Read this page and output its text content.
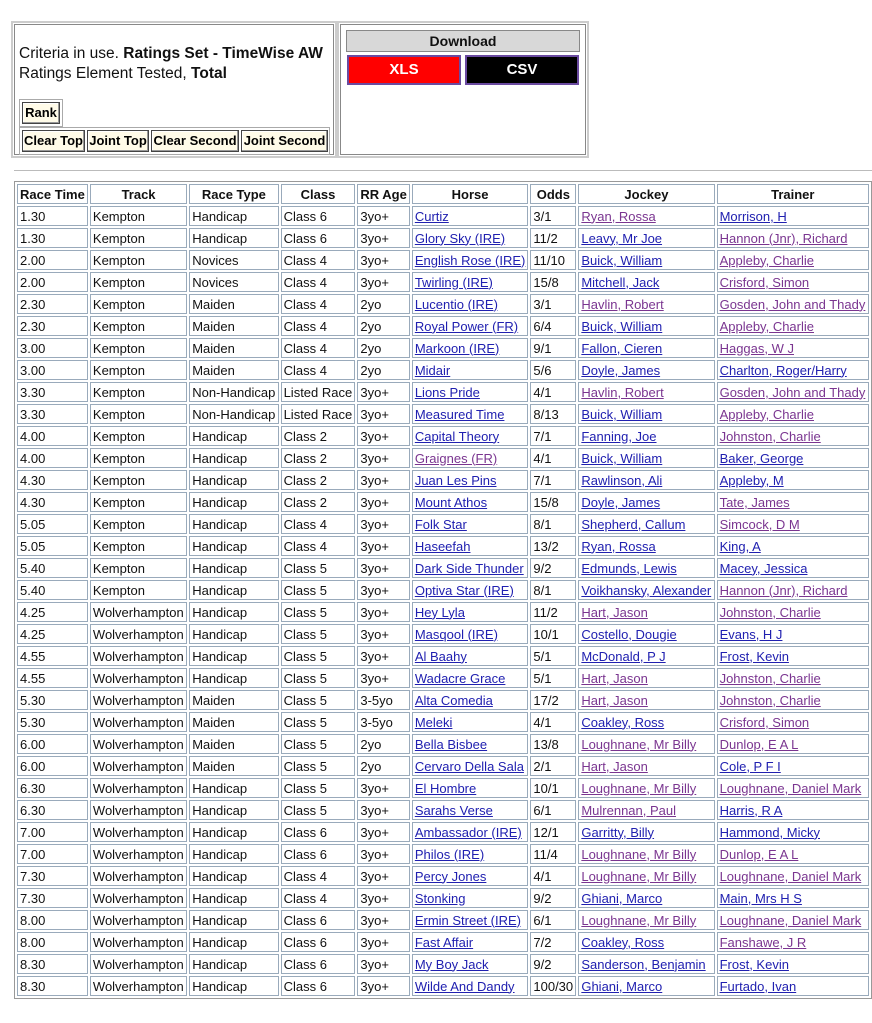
Criteria in use. Ratings Set - TimeWise AW
Ratings Element Tested, Total
Rank
Clear Top Joint Top Clear Second Joint Second
Download
XLS	CSV
Race Time	Track	Race Type	Class	RR Age	Horse	Odds	Jockey	Trainer
1.30	Kempton	Handicap	Class 6	3yo+	Curtiz	3/1	Ryan, Rossa	Morrison, H
1.30	Kempton	Handicap	Class 6	3yo+	Glory Sky (IRE)	11/2	Leavy, Mr Joe	Hannon (Jnr), Richard
2.00	Kempton	Novices	Class 4	3yo+	English Rose (IRE)	11/10	Buick, William	Appleby, Charlie
2.00	Kempton	Novices	Class 4	3yo+	Twirling (IRE)	15/8	Mitchell, Jack	Crisford, Simon
2.30	Kempton	Maiden	Class 4	2yo	Lucentio (IRE)	3/1	Havlin, Robert	Gosden, John and Thady
2.30	Kempton	Maiden	Class 4	2yo	Royal Power (FR)	6/4	Buick, William	Appleby, Charlie
3.00	Kempton	Maiden	Class 4	2yo	Markoon (IRE)	9/1	Fallon, Cieren	Haggas, W J
3.00	Kempton	Maiden	Class 4	2yo	Midair	5/6	Doyle, James	Charlton, Roger/Harry
3.30	Kempton	Non-Handicap	Listed Race	3yo+	Lions Pride	4/1	Havlin, Robert	Gosden, John and Thady
3.30	Kempton	Non-Handicap	Listed Race	3yo+	Measured Time	8/13	Buick, William	Appleby, Charlie
4.00	Kempton	Handicap	Class 2	3yo+	Capital Theory	7/1	Fanning, Joe	Johnston, Charlie
4.00	Kempton	Handicap	Class 2	3yo+	Graignes (FR)	4/1	Buick, William	Baker, George
4.30	Kempton	Handicap	Class 2	3yo+	Juan Les Pins	7/1	Rawlinson, Ali	Appleby, M
4.30	Kempton	Handicap	Class 2	3yo+	Mount Athos	15/8	Doyle, James	Tate, James
5.05	Kempton	Handicap	Class 4	3yo+	Folk Star	8/1	Shepherd, Callum	Simcock, D M
5.05	Kempton	Handicap	Class 4	3yo+	Haseefah	13/2	Ryan, Rossa	King, A
5.40	Kempton	Handicap	Class 5	3yo+	Dark Side Thunder	9/2	Edmunds, Lewis	Macey, Jessica
5.40	Kempton	Handicap	Class 5	3yo+	Optiva Star (IRE)	8/1	Voikhansky, Alexander	Hannon (Jnr), Richard
4.25	Wolverhampton	Handicap	Class 5	3yo+	Hey Lyla	11/2	Hart, Jason	Johnston, Charlie
4.25	Wolverhampton	Handicap	Class 5	3yo+	Masqool (IRE)	10/1	Costello, Dougie	Evans, H J
4.55	Wolverhampton	Handicap	Class 5	3yo+	Al Baahy	5/1	McDonald, P J	Frost, Kevin
4.55	Wolverhampton	Handicap	Class 5	3yo+	Wadacre Grace	5/1	Hart, Jason	Johnston, Charlie
5.30	Wolverhampton	Maiden	Class 5	3-5yo	Alta Comedia	17/2	Hart, Jason	Johnston, Charlie
5.30	Wolverhampton	Maiden	Class 5	3-5yo	Meleki	4/1	Coakley, Ross	Crisford, Simon
6.00	Wolverhampton	Maiden	Class 5	2yo	Bella Bisbee	13/8	Loughnane, Mr Billy	Dunlop, E A L
6.00	Wolverhampton	Maiden	Class 5	2yo	Cervaro Della Sala	2/1	Hart, Jason	Cole, P F I
6.30	Wolverhampton	Handicap	Class 5	3yo+	El Hombre	10/1	Loughnane, Mr Billy	Loughnane, Daniel Mark
6.30	Wolverhampton	Handicap	Class 5	3yo+	Sarahs Verse	6/1	Mulrennan, Paul	Harris, R A
7.00	Wolverhampton	Handicap	Class 6	3yo+	Ambassador (IRE)	12/1	Garritty, Billy	Hammond, Micky
7.00	Wolverhampton	Handicap	Class 6	3yo+	Philos (IRE)	11/4	Loughnane, Mr Billy	Dunlop, E A L
7.30	Wolverhampton	Handicap	Class 4	3yo+	Percy Jones	4/1	Loughnane, Mr Billy	Loughnane, Daniel Mark
7.30	Wolverhampton	Handicap	Class 4	3yo+	Stonking	9/2	Ghiani, Marco	Main, Mrs H S
8.00	Wolverhampton	Handicap	Class 6	3yo+	Ermin Street (IRE)	6/1	Loughnane, Mr Billy	Loughnane, Daniel Mark
8.00	Wolverhampton	Handicap	Class 6	3yo+	Fast Affair	7/2	Coakley, Ross	Fanshawe, J R
8.30	Wolverhampton	Handicap	Class 6	3yo+	My Boy Jack	9/2	Sanderson, Benjamin	Frost, Kevin
8.30	Wolverhampton	Handicap	Class 6	3yo+	Wilde And Dandy	100/30	Ghiani, Marco	Furtado, Ivan
